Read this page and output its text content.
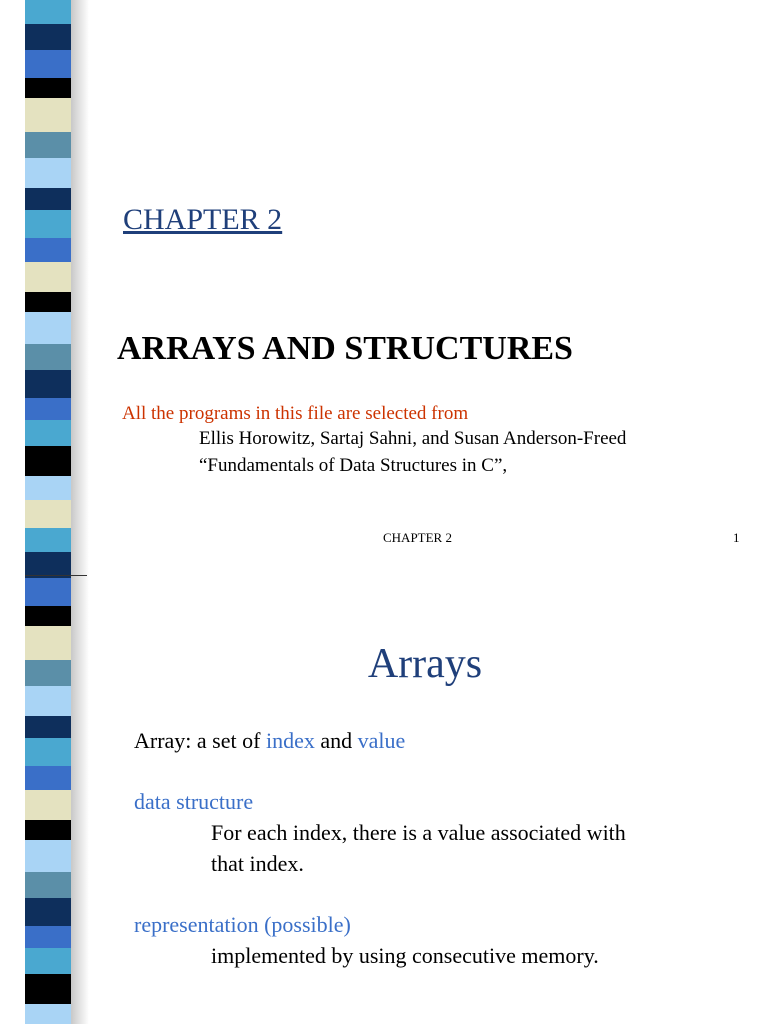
CHAPTER 2
ARRAYS AND STRUCTURES
All the programs in this file are selected from
Ellis Horowitz, Sartaj Sahni, and Susan Anderson-Freed
“Fundamentals of Data Structures in C”,
CHAPTER 2	1
Arrays
Array: a set of index and value
data structure
For each index, there is a value associated with
that index.
representation (possible)
implemented by using consecutive memory.
